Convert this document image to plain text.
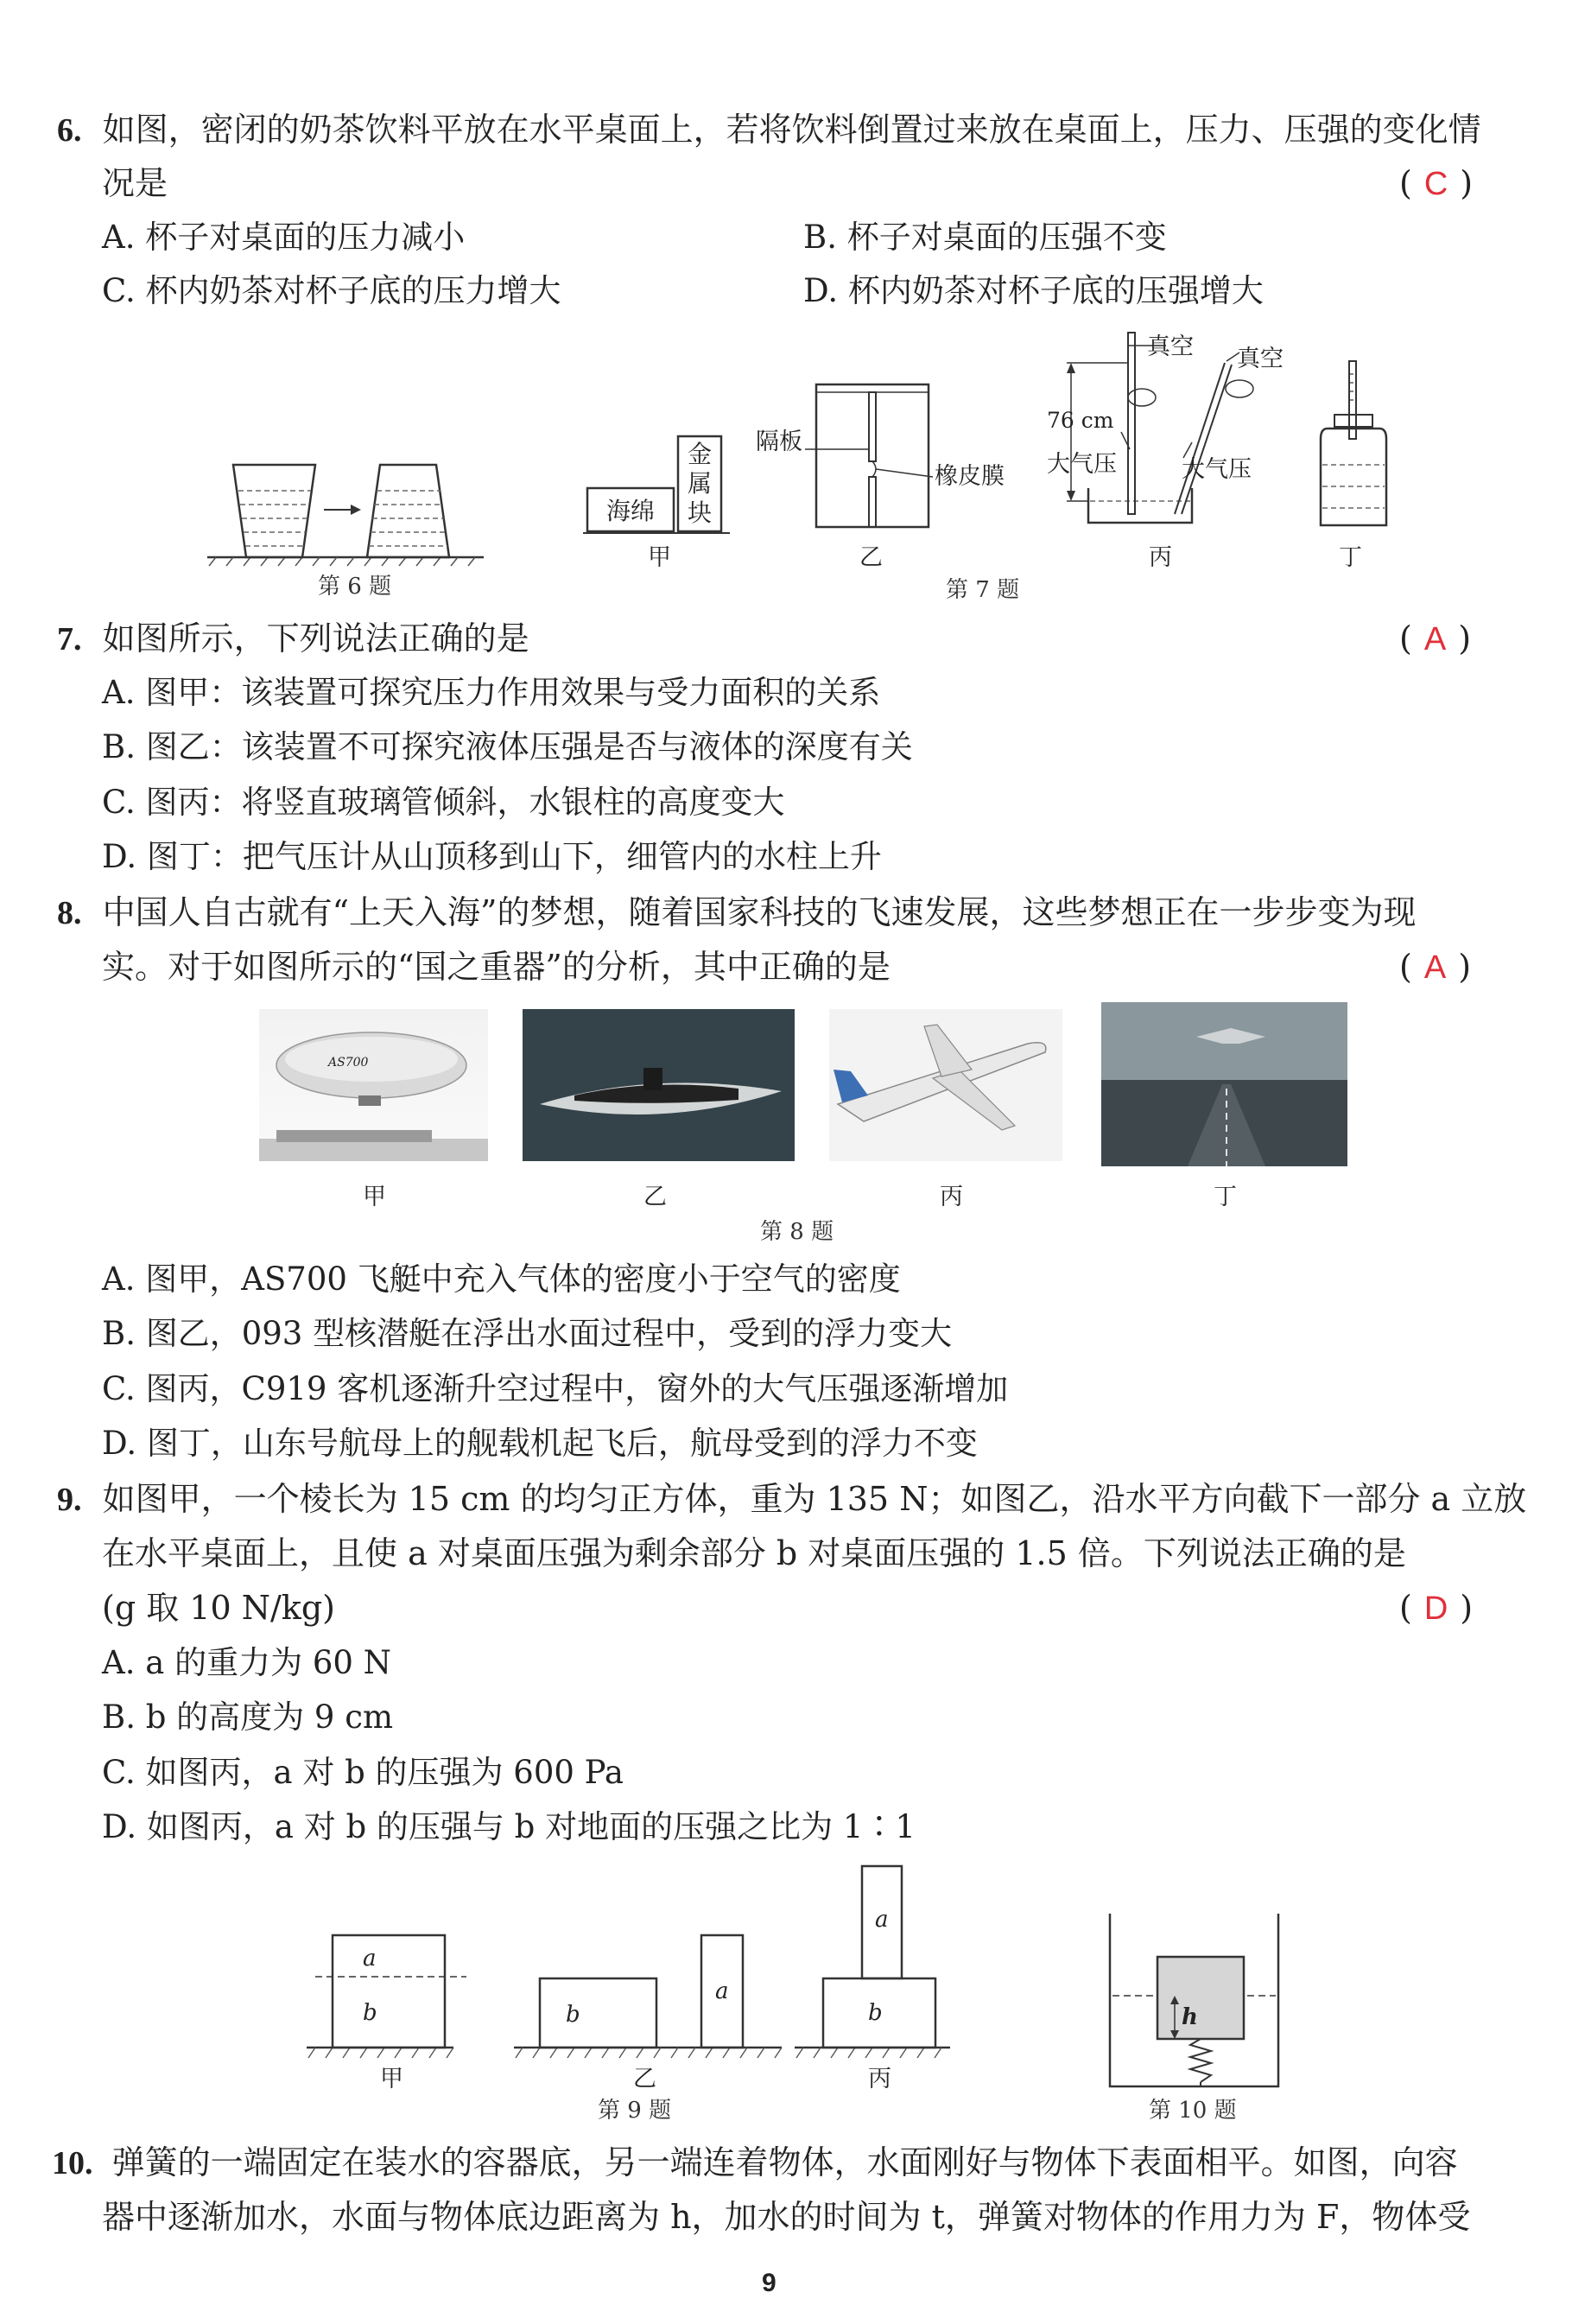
6. 如图，密闭的奶茶饮料平放在水平桌面上，若将饮料倒置过来放在桌面上，压力、压强的变化情
况是	( C )
A. 杯子对桌面的压力减小	B. 杯子对桌面的压强不变
C. 杯内奶茶对杯子底的压力增大	D. 杯内奶茶对杯子底的压强增大
第 6 题
海绵
金
属
块
甲
隔板
橡皮膜
乙
真空 真空
76 cm
大气压	大气压
丙	丁
第 7 题
7. 如图所示，下列说法正确的是	( A )
A. 图甲：该装置可探究压力作用效果与受力面积的关系
B. 图乙：该装置不可探究液体压强是否与液体的深度有关
C. 图丙：将竖直玻璃管倾斜，水银柱的高度变大
D. 图丁：把气压计从山顶移到山下，细管内的水柱上升
8. 中国人自古就有“上天入海”的梦想，随着国家科技的飞速发展，这些梦想正在一步步变为现
实。对于如图所示的“国之重器”的分析，其中正确的是	( A )
AS700
甲	乙	丙	丁
第 8 题
A. 图甲，AS700 飞艇中充入气体的密度小于空气的密度
B. 图乙，093 型核潜艇在浮出水面过程中，受到的浮力变大
C. 图丙，C919 客机逐渐升空过程中，窗外的大气压强逐渐增加
D. 图丁，山东号航母上的舰载机起飞后，航母受到的浮力不变
9. 如图甲，一个棱长为 15 cm 的均匀正方体，重为 135 N；如图乙，沿水平方向截下一部分 a 立放
在水平桌面上，且使 a 对桌面压强为剩余部分 b 对桌面压强的 1.5 倍。下列说法正确的是
(g 取 10 N/kg)	( D )
A. a 的重力为 60 N
B. b 的高度为 9 cm
C. 如图丙，a 对 b 的压强为 600 Pa
D. 如图丙，a 对 b 的压强与 b 对地面的压强之比为 1∶1
a
b	b
a
b
a
甲	乙	丙
第 9 题
h
第 10 题
10. 弹簧的一端固定在装水的容器底，另一端连着物体，水面刚好与物体下表面相平。如图，向容
器中逐渐加水，水面与物体底边距离为 h，加水的时间为 t，弹簧对物体的作用力为 F，物体受
9
